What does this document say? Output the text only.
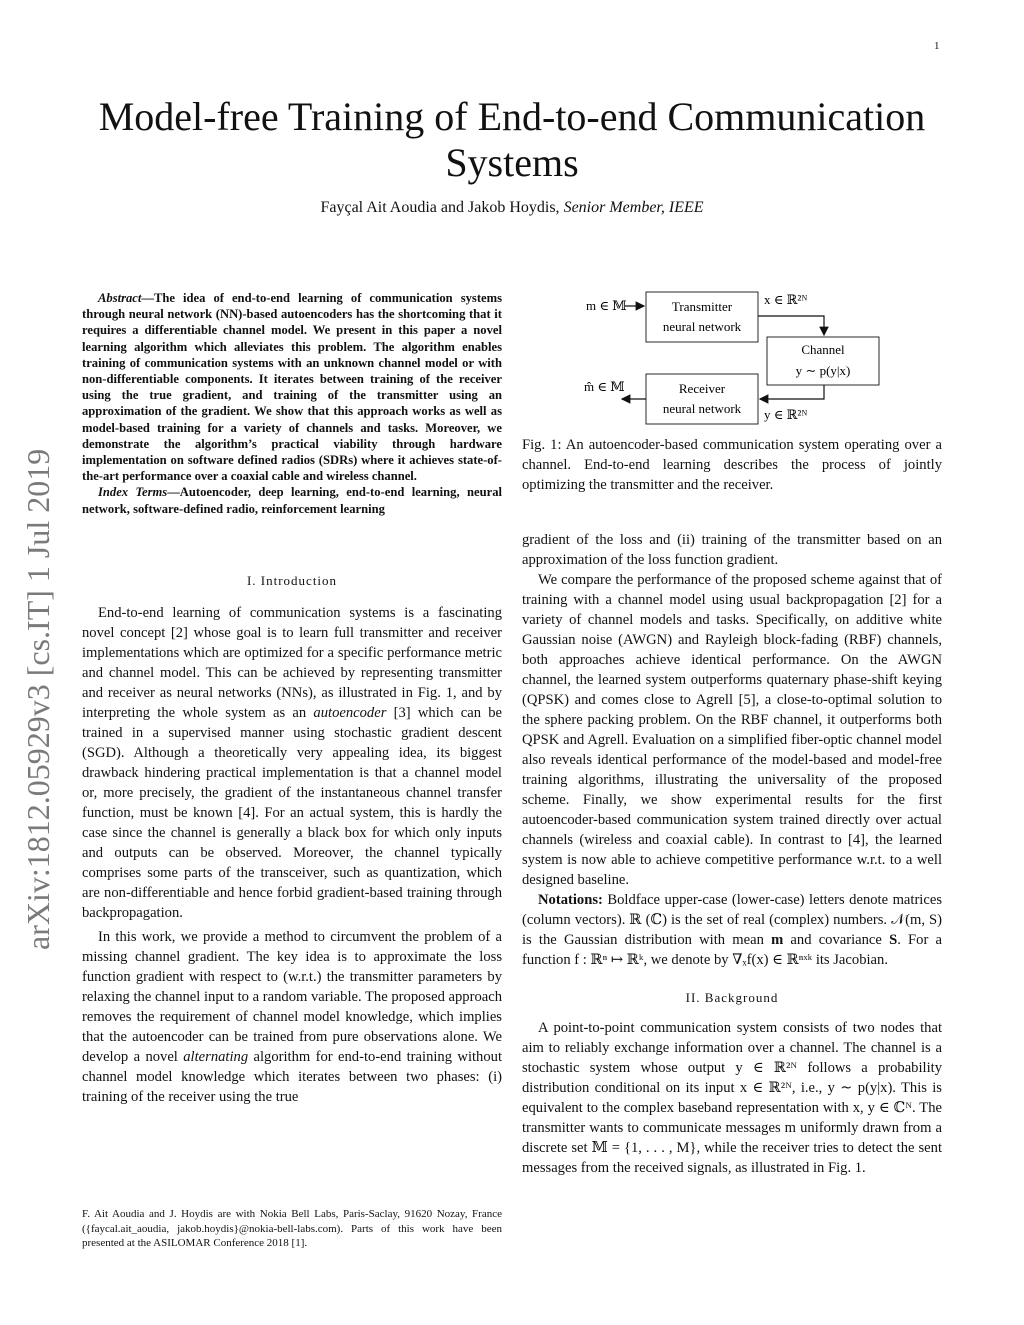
1
Model-free Training of End-to-end Communication Systems
Fayçal Ait Aoudia and Jakob Hoydis, Senior Member, IEEE
arXiv:1812.05929v3 [cs.IT] 1 Jul 2019

Abstract—The idea of end-to-end learning of communication systems through neural network (NN)-based autoencoders has the shortcoming that it requires a differentiable channel model. We present in this paper a novel learning algorithm which alleviates this problem. The algorithm enables training of communication systems with an unknown channel model or with non-differentiable components. It iterates between training of the receiver using the true gradient, and training of the transmitter using an approximation of the gradient. We show that this approach works as well as model-based training for a variety of channels and tasks. Moreover, we demonstrate the algorithm’s practical viability through hardware implementation on software defined radios (SDRs) where it achieves state-of-the-art performance over a coaxial cable and wireless channel.

Index Terms—Autoencoder, deep learning, end-to-end learning, neural network, software-defined radio, reinforcement learning

I. Introduction

End-to-end learning of communication systems is a fascinating novel concept [2] whose goal is to learn full transmitter and receiver implementations which are optimized for a specific performance metric and channel model. This can be achieved by representing transmitter and receiver as neural networks (NNs), as illustrated in Fig. 1, and by interpreting the whole system as an autoencoder [3] which can be trained in a supervised manner using stochastic gradient descent (SGD). Although a theoretically very appealing idea, its biggest drawback hindering practical implementation is that a channel model or, more precisely, the gradient of the instantaneous channel transfer function, must be known [4]. For an actual system, this is hardly the case since the channel is generally a black box for which only inputs and outputs can be observed. Moreover, the channel typically comprises some parts of the transceiver, such as quantization, which are non-differentiable and hence forbid gradient-based training through backpropagation.

In this work, we provide a method to circumvent the problem of a missing channel gradient. The key idea is to approximate the loss function gradient with respect to (w.r.t.) the transmitter parameters by relaxing the channel input to a random variable. The proposed approach removes the requirement of channel model knowledge, which implies that the autoencoder can be trained from pure observations alone. We develop a novel alternating algorithm for end-to-end training without channel model knowledge which iterates between two phases: (i) training of the receiver using the true

F. Ait Aoudia and J. Hoydis are with Nokia Bell Labs, Paris-Saclay, 91620 Nozay, France ({faycal.ait_aoudia, jakob.hoydis}@nokia-bell-labs.com). Parts of this work have been presented at the ASILOMAR Conference 2018 [1].
m ∈ 𝕄	Transmitter
neural network
x ∈ ℝ²ᴺ
Channel
y ∼ p(y|x)
Receiver
neural network y ∈ ℝ²ᴺ
m̂ ∈ 𝕄
Fig. 1: An autoencoder-based communication system operating over a channel. End-to-end learning describes the process of jointly optimizing the transmitter and the receiver.

gradient of the loss and (ii) training of the transmitter based on an approximation of the loss function gradient.

We compare the performance of the proposed scheme against that of training with a channel model using usual backpropagation [2] for a variety of channel models and tasks. Specifically, on additive white Gaussian noise (AWGN) and Rayleigh block-fading (RBF) channels, both approaches achieve identical performance. On the AWGN channel, the learned system outperforms quaternary phase-shift keying (QPSK) and comes close to Agrell [5], a close-to-optimal solution to the sphere packing problem. On the RBF channel, it outperforms both QPSK and Agrell. Evaluation on a simplified fiber-optic channel model also reveals identical performance of the model-based and model-free training algorithms, illustrating the universality of the proposed scheme. Finally, we show experimental results for the first autoencoder-based communication system trained directly over actual channels (wireless and coaxial cable). In contrast to [4], the learned system is now able to achieve competitive performance w.r.t. to a well designed baseline.

Notations: Boldface upper-case (lower-case) letters denote matrices (column vectors). ℝ (ℂ) is the set of real (complex) numbers. 𝒩(m, S) is the Gaussian distribution with mean m and covariance S. For a function f : ℝⁿ ↦ ℝᵏ, we denote by ∇ₓf(x) ∈ ℝⁿˣᵏ its Jacobian.

II. Background

A point-to-point communication system consists of two nodes that aim to reliably exchange information over a channel. The channel is a stochastic system whose output y ∈ ℝ²ᴺ follows a probability distribution conditional on its input x ∈ ℝ²ᴺ, i.e., y ∼ p(y|x). This is equivalent to the complex baseband representation with x, y ∈ ℂᴺ. The transmitter wants to communicate messages m uniformly drawn from a discrete set 𝕄 = {1, . . . , M}, while the receiver tries to detect the sent messages from the received signals, as illustrated in Fig. 1.
